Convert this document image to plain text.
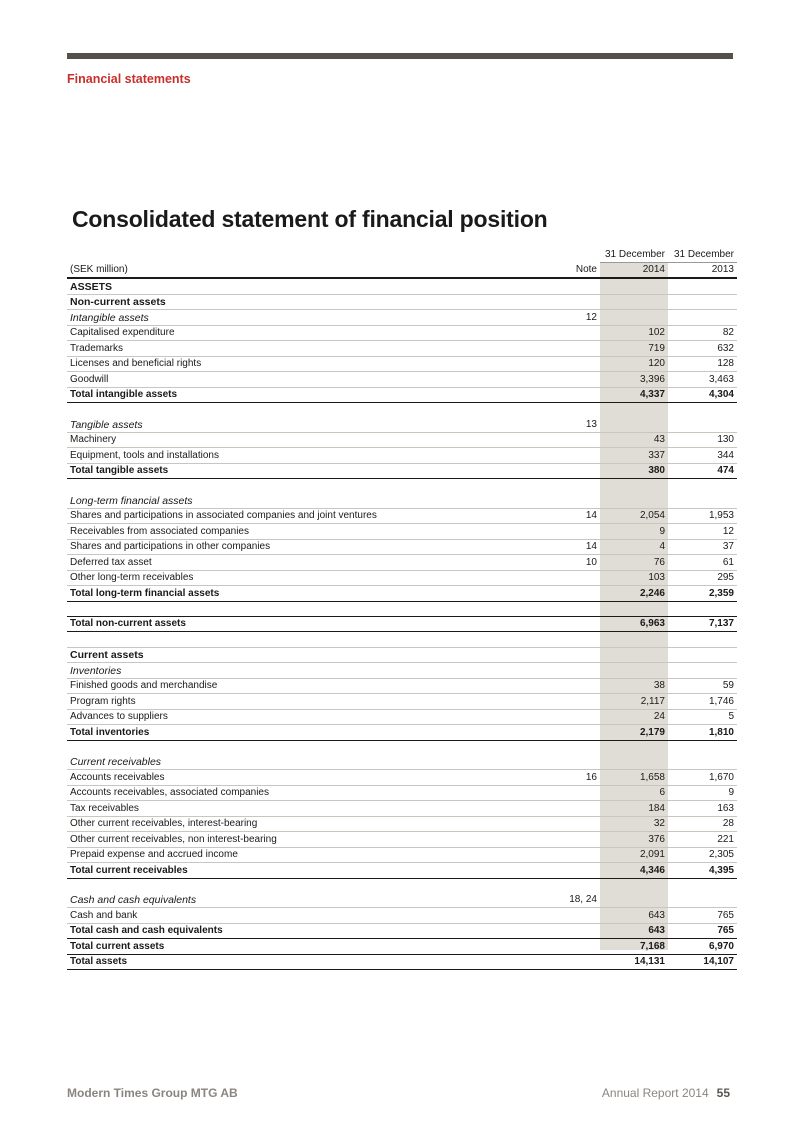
Financial statements
Consolidated statement of financial position
		31 December	31 December
(SEK million)	Note	2014	2013
ASSETS			
Non-current assets			
Intangible assets	12		
Capitalised expenditure		102	82
Trademarks		719	632
Licenses and beneficial rights		120	128
Goodwill		3,396	3,463
Total intangible assets		4,337	4,304

Tangible assets	13		
Machinery		43	130
Equipment, tools and installations		337	344
Total tangible assets		380	474

Long-term financial assets			
Shares and participations in associated companies and joint ventures	14	2,054	1,953
Receivables from associated companies		9	12
Shares and participations in other companies	14	4	37
Deferred tax asset	10	76	61
Other long-term receivables		103	295
Total long-term financial assets		2,246	2,359

Total non-current assets		6,963	7,137

Current assets			
Inventories			
Finished goods and merchandise		38	59
Program rights		2,117	1,746
Advances to suppliers		24	5
Total inventories		2,179	1,810

Current receivables			
Accounts receivables	16	1,658	1,670
Accounts receivables, associated companies		6	9
Tax receivables		184	163
Other current receivables, interest-bearing		32	28
Other current receivables, non interest-bearing		376	221
Prepaid expense and accrued income		2,091	2,305
Total current receivables		4,346	4,395

Cash and cash equivalents	18, 24		
Cash and bank		643	765
Total cash and cash equivalents		643	765
Total current assets		7,168	6,970
Total assets		14,131	14,107
Modern Times Group MTG AB	Annual Report 2014 55
